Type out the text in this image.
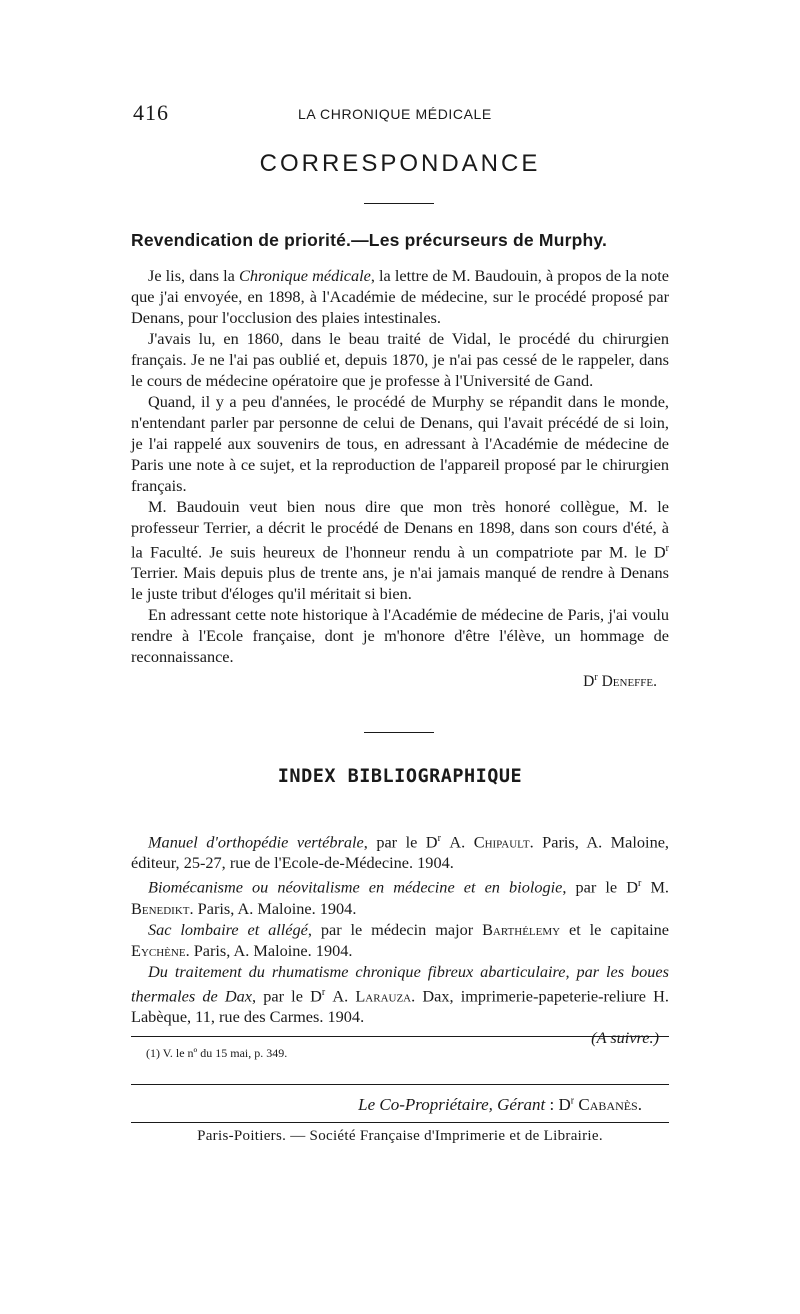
416	LA CHRONIQUE MÉDICALE
CORRESPONDANCE
Revendication de priorité.—Les précurseurs de Murphy.

Je lis, dans la Chronique médicale, la lettre de M. Baudouin, à propos de la note que j'ai envoyée, en 1898, à l'Académie de médecine, sur le procédé proposé par Denans, pour l'occlusion des plaies intestinales.

J'avais lu, en 1860, dans le beau traité de Vidal, le procédé du chirurgien français. Je ne l'ai pas oublié et, depuis 1870, je n'ai pas cessé de le rappeler, dans le cours de médecine opératoire que je professe à l'Université de Gand.

Quand, il y a peu d'années, le procédé de Murphy se répandit dans le monde, n'entendant parler par personne de celui de Denans, qui l'avait précédé de si loin, je l'ai rappelé aux souvenirs de tous, en adressant à l'Académie de médecine de Paris une note à ce sujet, et la reproduction de l'appareil proposé par le chirurgien français.

M. Baudouin veut bien nous dire que mon très honoré collègue, M. le professeur Terrier, a décrit le procédé de Denans en 1898, dans son cours d'été, à la Faculté. Je suis heureux de l'honneur rendu à un compatriote par M. le $D^r$ Terrier. Mais depuis plus de trente ans, je n'ai jamais manqué de rendre à Denans le juste tribut d'éloges qu'il méritait si bien.

En adressant cette note historique à l'Académie de médecine de Paris, j'ai voulu rendre à l'Ecole française, dont je m'honore d'être l'élève, un hommage de reconnaissance.

$D^r$ Deneffe.
INDEX BIBLIOGRAPHIQUE

Manuel d'orthopédie vertébrale, par le $D^r$ A. Chipault. Paris, A. Maloine, éditeur, 25-27, rue de l'Ecole-de-Médecine. 1904.

Biomécanisme ou néovitalisme en médecine et en biologie, par le $D^r$ M. Benedikt. Paris, A. Maloine. 1904.

Sac lombaire et allégé, par le médecin major Barthélemy et le capitaine Eychène. Paris, A. Maloine. 1904.

Du traitement du rhumatisme chronique fibreux abarticulaire, par les boues thermales de Dax, par le $D^r$ A. Larauza. Dax, imprimerie-papeterie-reliure H. Labèque, 11, rue des Carmes. 1904.

(A suivre.)

(1) V. le nº du 15 mai, p. 349.
Le Co-Propriétaire, Gérant : $D^r$ Cabanès.
Paris-Poitiers. — Société Française d'Imprimerie et de Librairie.
